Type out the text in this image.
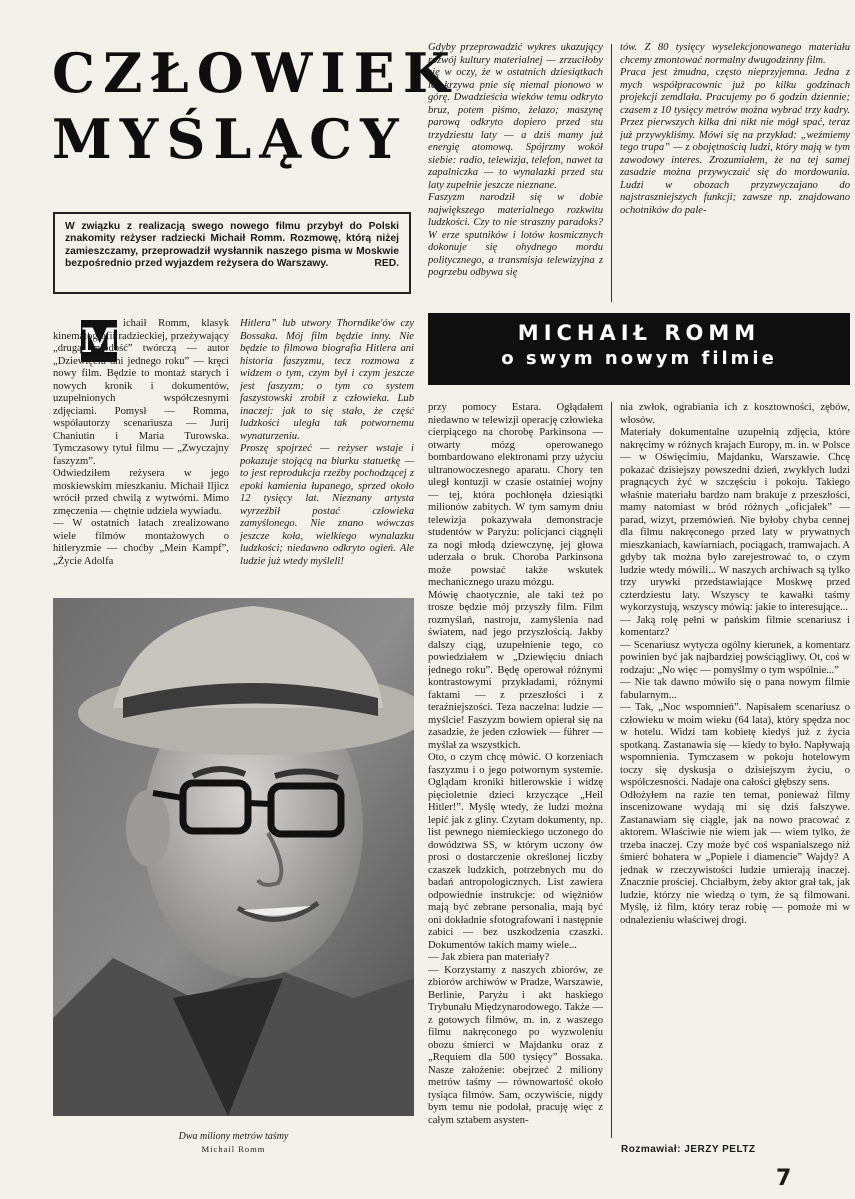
CZŁOWIEK
MYŚLĄCY
W związku z realizacją swego nowego filmu przybył do Polski znakomity reżyser radziecki Michaił Romm. Rozmowę, którą niżej zamieszczamy, przeprowadził wysłannik naszego pisma w Moskwie bezpośrednio przed wyjazdem reżysera do Warszawy.	RED.
Gdyby przeprowadzić wykres ukazujący rozwój kultury materialnej — zrzuciłoby się w oczy, że w ostatnich dziesiątkach lat krzywa pnie się niemal pionowo w górę. Dwadzieścia wieków temu odkryto bruz, potem piśmo, żelazo; maszynę parową odkryto dopiero przed stu trzydziestu laty — a dziś mamy już energię atomową. Spójrzmy wokół siebie: radio, telewizja, telefon, nawet ta zapalniczka — to wynalazki przed stu laty zupełnie jeszcze nieznane.
Faszyzm narodził się w dobie największego materialnego rozkwitu ludzkości. Czy to nie straszny paradoks? W erze sputników i lotów kosmicznych dokonuje się ohydnego mordu politycznego, a transmisja telewizyjna z pogrzebu odbywa się
tów. Z 80 tysięcy wyselekcjonowanego materiału chcemy zmontować normalny dwugodzinny film.
Praca jest żmudna, często nieprzyjemna. Jedna z mych współpracownic już po kilku godzinach projekcji zemdlała. Pracujemy po 6 godzin dziennie; czasem z 10 tysięcy metrów można wybrać trzy kadry. Przez pierwszych kilka dni nikt nie mógł spać, teraz już przywykliśmy. Mówi się na przykład: „weźmiemy tego trupa” — z obojętnością ludzi, który mają w tym zawodowy interes. Zrozumiałem, że na tej samej zasadzie można przywyczaić się do mordowania. Ludzi w obozach przyzwyczajano do najstraszniejszych funkcji; zawsze np. znajdowano ochotników do pale-
MICHAIŁ ROMM
o swym nowym filmie
M ichaił Romm, klasyk kinematografii radzieckiej, przeżywający „drugą młodość” twórczą — autor „Dziewięciu dni jednego roku” — kręci nowy film. Będzie to montaż starych i nowych kronik i dokumentów, uzupełnionych współczesnymi zdjęciami. Pomysł — Romma, współautorzy scenariusza — Jurij Chaniutin i Maria Turowska. Tymczasowy tytuł filmu — „Zwyczajny faszyzm”.
Odwiedziłem reżysera w jego moskiewskim mieszkaniu. Michaił Iljicz wrócił przed chwilą z wytwórni. Mimo zmęczenia — chętnie udziela wywiadu.
— W ostatnich latach zrealizowano wiele filmów montażowych o hitleryzmie — choćby „Mein Kampf”, „Życie Adolfa
Hitlera” lub utwory Thorndike'ów czy Bossaka. Mój film będzie inny. Nie będzie to filmowa biografia Hitlera ani historia faszyzmu, tecz rozmowa z widzem o tym, czym był i czym jeszcze jest faszyzm; o tym co system faszystowski zrobił z człowieka. Lub inaczej: jak to się stało, że część ludzkości uległa tak potwornemu wynaturzeniu.
Proszę spojrzeć — reżyser wstaje i pokazuje stojącą na biurku statuetkę — to jest reprodukcja rzeźby pochodzącej z epoki kamienia łupanego, sprzed około 12 tysięcy lat. Nieznany artysta wyrzeźbił postać człowieka zamyślonego. Nie znano wówczas jeszcze koła, wielkiego wynalazku ludzkości; niedawno odkryto ogień. Ale ludzie już wtedy myśleli!
Dwa miliony metrów taśmy
Michail Romm
przy pomocy Estara. Ogłądałem niedawno w telewizji operację człowieka cierpiącego na chorobę Parkinsona — otwarty mózg operowanego bombardowano elektronami przy użyciu ultranowoczesnego aparatu. Chory ten uległ kontuzji w czasie ostatniej wojny — tej, która pochłonęła dziesiątki milionów zabitych. W tym samym dniu telewizja pokazywała demonstracje studentów w Paryżu: policjanci ciągnęli za nogi młodą dziewczynę, jej głowa uderzała o bruk. Choroba Parkinsona może powstać także wskutek mechanicznego urazu mózgu.
Mówię chaotycznie, ale taki też po trosze będzie mój przyszły film. Film rozmyślań, nastroju, zamyślenia nad światem, nad jego przyszłością. Jakby dalszy ciąg, uzupełnienie tego, co powiedziałem w „Dziewięciu dniach jednego roku”. Będę operował różnymi kontrastowymi przykładami, różnymi faktami — z przeszłości i z teraźniejszości. Teza naczelna: ludzie — myślcie! Faszyzm bowiem opierał się na zasadzie, że jeden człowiek — führer — myślał za wszystkich.
Oto, o czym chcę mówić. O korzeniach faszyzmu i o jego potwornym systemie. Oglądam kroniki hitlerowskie i widzę pięcioletnie dzieci krzyczące „Heil Hitler!”. Myślę wtedy, że ludzi można lepić jak z gliny. Czytam dokumenty, np. list pewnego niemieckiego uczonego do dowództwa SS, w którym uczony ów prosi o dostarczenie określonej liczby czaszek ludzkich, potrzebnych mu do badań antropologicznych. List zawiera odpowiednie instrukcje: od więźniów mają być zebrane personalia, mają być oni dokładnie sfotografowani i następnie zabici — bez uszkodzenia czaszki. Dokumentów takich mamy wiele...
— Jak zbiera pan materiały?
— Korzystamy z naszych zbiorów, ze zbiorów archiwów w Pradze, Warszawie, Berlinie, Paryżu i akt haskiego Trybunału Międzynarodowego. Także — z gotowych filmów, m. in. z waszego filmu nakręconego po wyzwoleniu obozu śmierci w Majdanku oraz z „Requiem dla 500 tysięcy” Bossaka. Nasze założenie: obejrzeć 2 miliony metrów taśmy — równowartość około tysiąca filmów. Sam, oczywiście, nigdy bym temu nie podołał, pracuję więc z całym sztabem asysten-
nia zwłok, ograbiania ich z kosztowności, zębów, włosów.
Materiały dokumentalne uzupełnią zdjęcia, które nakręcimy w różnych krajach Europy, m. in. w Polsce — w Oświęcimiu, Majdanku, Warszawie. Chcę pokazać dzisiejszy powszedni dzień, zwykłych ludzi pragnących żyć w szczęściu i pokoju. Takiego właśnie materiału bardzo nam brakuje z przeszłości, mamy natomiast w bród różnych „oficjałek” — parad, wizyt, przemówień. Nie byłoby chyba cennej dla filmu nakręconego przed laty w prywatnych mieszkaniach, kawiarniach, pociągach, tramwajach. A gdyby tak można było zarejestrować to, o czym ludzie wtedy mówili... W naszych archiwach są tylko trzy urywki przedstawiające Moskwę przed czterdziestu laty. Wszyscy te kawałki taśmy wykorzystują, wszyscy mówią: jakie to interesujące...
— Jaką rolę pełni w pańskim filmie scenariusz i komentarz?
— Scenariusz wytycza ogólny kierunek, a komentarz powinien być jak najbardziej powściągliwy. Ot, coś w rodzaju: „No więc — pomyślmy o tym wspólnie...”
— Nie tak dawno mówiło się o pana nowym filmie fabularnym...
— Tak, „Noc wspomnień”. Napisałem scenariusz o człowieku w moim wieku (64 lata), który spędza noc w hotelu. Widzi tam kobietę kiedyś już z życia spotkaną. Zastanawia się — kiedy to było. Napływają wspomnienia. Tymczasem w pokoju hotelowym toczy się dyskusja o dzisiejszym życiu, o współczesności. Nadaje ona całości głębszy sens.
Odłożyłem na razie ten temat, ponieważ filmy inscenizowane wydają mi się dziś fałszywe. Zastanawiam się ciągle, jak na nowo pracować z aktorem. Właściwie nie wiem jak — wiem tylko, że trzeba inaczej. Czy może być coś wspanialszego niż śmierć bohatera w „Popiele i diamencie” Wajdy? A jednak w rzeczywistości ludzie umierają inaczej. Znacznie prościej. Chciałbym, żeby aktor grał tak, jak ludzie, którzy nie wiedzą o tym, że są filmowani. Myślę, iż film, który teraz robię — pomoże mi w odnalezieniu właściwej drogi.
Rozmawiał: JERZY PELTZ
7
